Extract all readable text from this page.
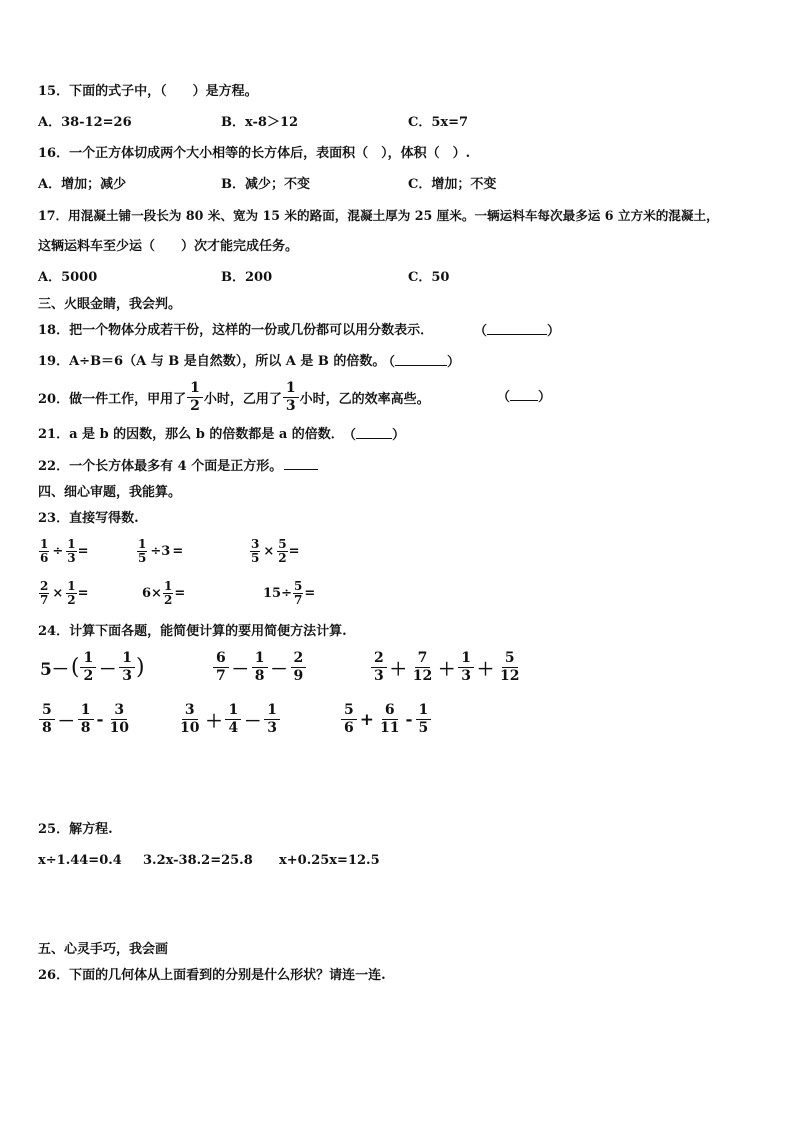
15．下面的式子中，（　　）是方程。
A．38-12=26	B．x-8＞12	C．5x=7
16．一个正方体切成两个大小相等的长方体后，表面积（　），体积（　）.
A．增加；减少	B．减少；不变	C．增加；不变
17．用混凝土铺一段长为 80 米、宽为 15 米的路面，混凝土厚为 25 厘米。一辆运料车每次最多运 6 立方米的混凝土，
这辆运料车至少运（　　）次才能完成任务。
A．5000	B．200	C．50
三、火眼金睛，我会判。
18．把一个物体分成若干份，这样的一份或几份都可以用分数表示．	（	）
19．A÷B＝6（A 与 B 是自然数），所以 A 是 B 的倍数。
（	）
20．做一件工作，甲用了 $\frac{1}{2}$ 小时，乙用了 $\frac{1}{3}$ 小时，乙的效率高些。	（ ）
21．a 是 b 的因数，那么 b 的倍数都是 a 的倍数． （	）
22．一个长方体最多有 4 个面是正方形。
四、细心审题，我能算。
23．直接写得数.
$\frac{1}{6} \div \frac{1}{3}$ =	$\frac{1}{5} \div 3$ =	$\frac{3}{5} \times \frac{5}{2}$ =
$\frac{2}{7} \times \frac{1}{2}$ =	$6\times \frac{1}{2}$ =	$15\div \frac{5}{7}$ =
24．计算下面各题，能简便计算的要用简便方法计算.
5－ ( $\frac{1}{2} - \frac{1}{3}$ )	$\frac{6}{7} - \frac{1}{8} - \frac{2}{9}$	$\frac{2}{3} + \frac{7}{12} + \frac{1}{3} + \frac{5}{12}$
$\frac{5}{8} - \frac{1}{8} - \frac{3}{10}$	$\frac{3}{10} + \frac{1}{4} - \frac{1}{3}$	$\frac{5}{6} + \frac{6}{11} - \frac{1}{5}$
25．解方程.
x÷1.44=0.4 3.2x-38.2=25.8 x+0.25x=12.5
五、心灵手巧，我会画
26．下面的几何体从上面看到的分别是什么形状？请连一连.
